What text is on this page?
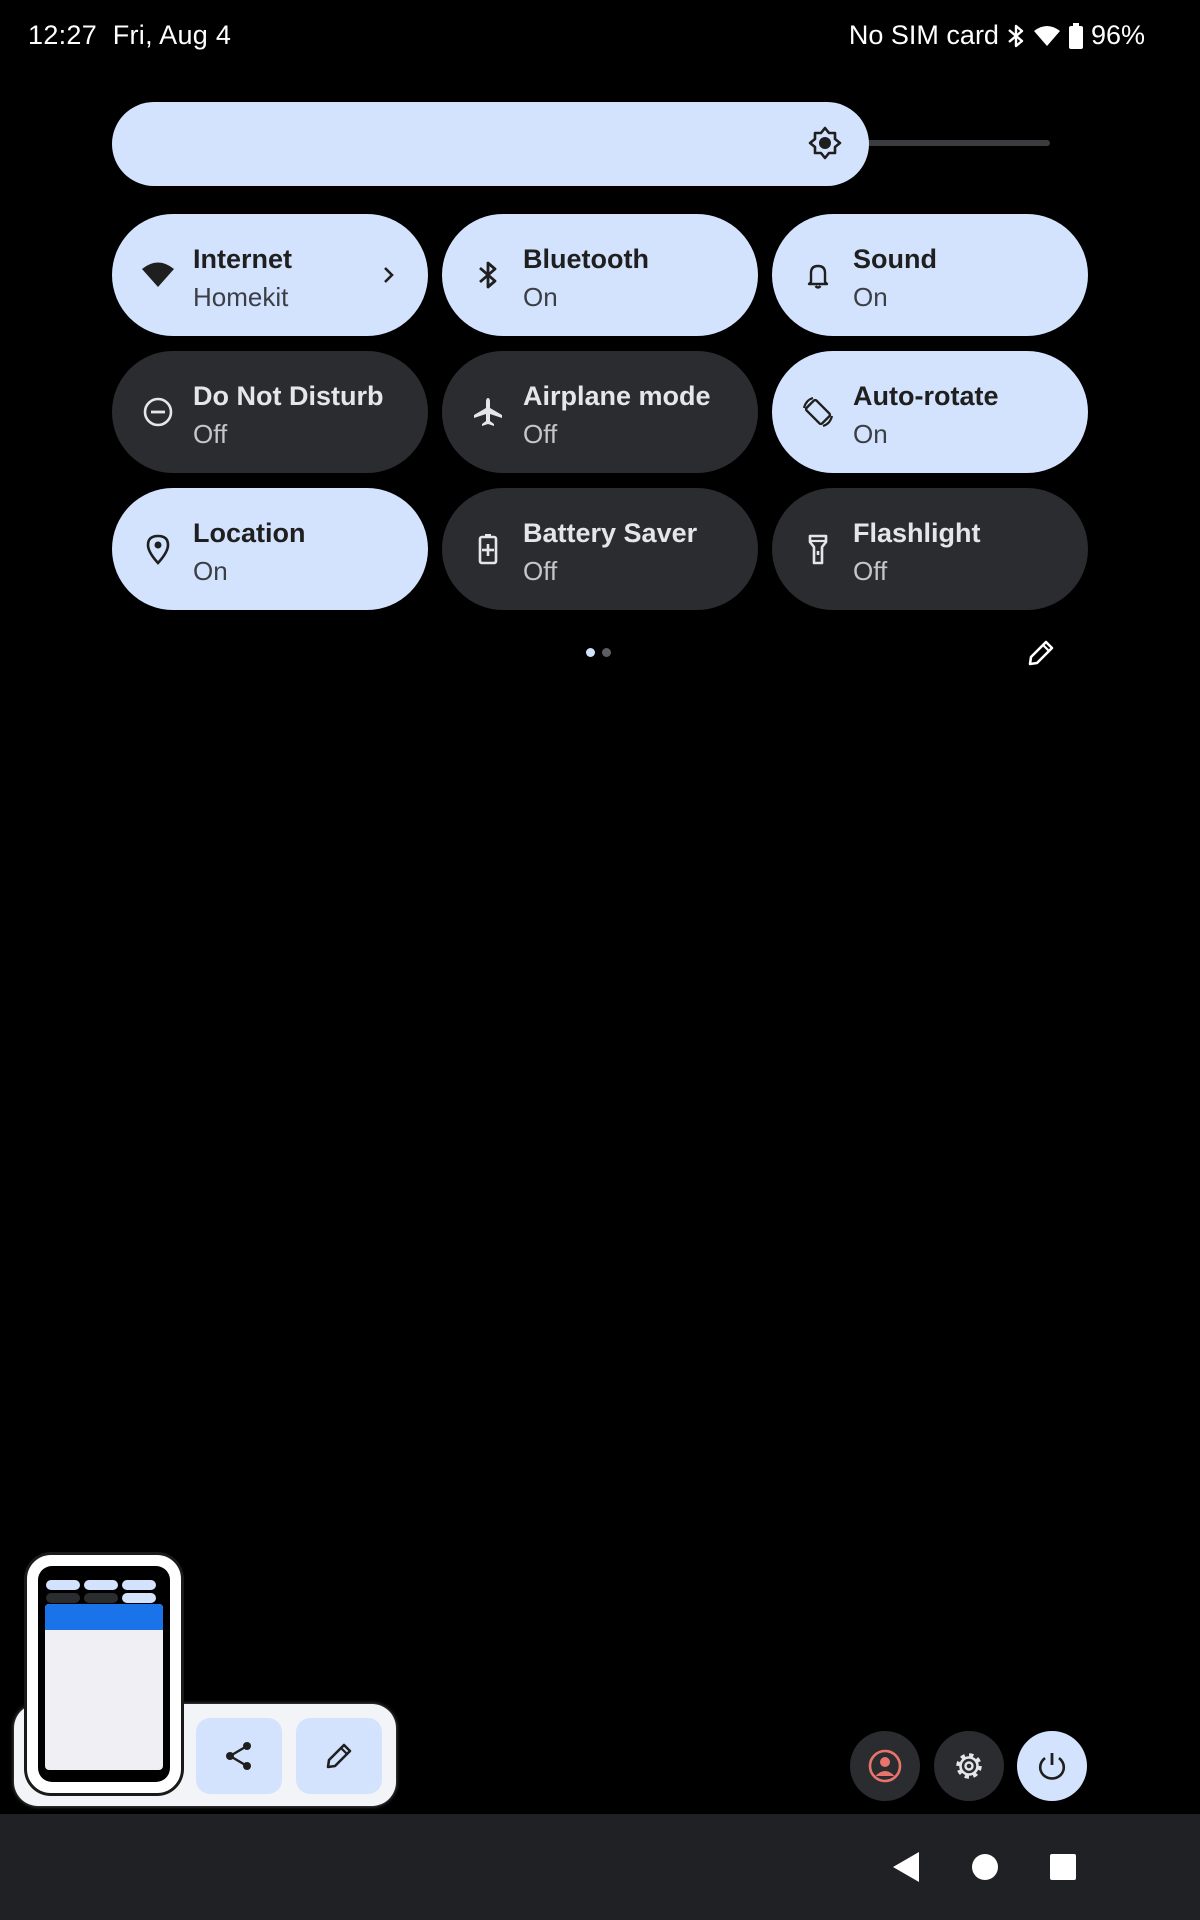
12:27 Fri, Aug 4	No SIM card	96%
Internet
Homekit
Bluetooth
On
Sound
On
Do Not Disturb
Off
Airplane mode
Off
Auto-rotate
On
Location
On
Battery Saver
Off
Flashlight
Off
